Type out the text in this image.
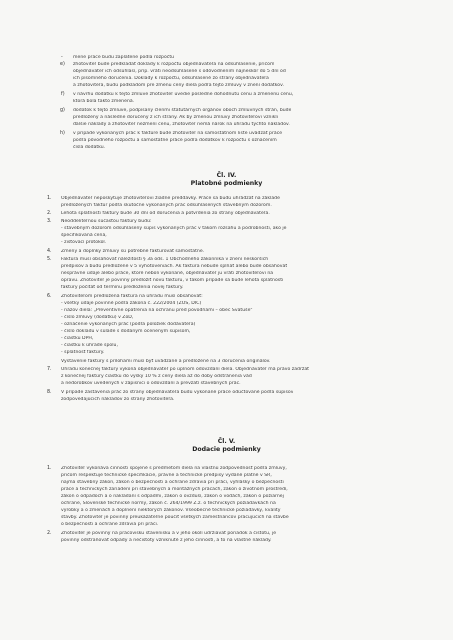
- mene prace budu zaplatene podla rozpočtu
e) zhotoviteľ bude predkladať doklady k rozpočtu objednávateľa na odsúhlasenie, pričom
objednávateľ ich odsúhlasí, príp. vráti neodsúhlasené s odôvodnením najneskôr do 5 dní od
ich písomného doručenia. Doklady k rozpočtu, odsúhlasené zo strany objednávateľa
a zhotoviteľa, budú podkladom pre zmenu ceny diela podľa tejto zmluvy v znení dodatkov.
f) v návrhu dodatku k tejto zmluve zhotoviteľ uvedie posledne dohodnutú cenu a zmenenú cenu,
ktorá bola takto zmenená.
g) dodatok k tejto zmluve, podpísaný členmi štatutárnych orgánov oboch zmluvných strán, bude
predložený a následne doručený z ich strany. Ak by zmenou zmluvy zhotoviteľovi vznikli
ďalšie náklady a zhotoviteľ nezmení cenu, zhotoviteľ nemá nárok na úhradu týchto nákladov.
h) v prípade vykonaných prác k faktúre bude zhotoviteľ na samostatnom liste uvádzať práce
podľa pôvodného rozpočtu a samostatne práce podľa dodatkov k rozpočtu s označením
čísla dodatku.
Čl. IV.
Platobné podmienky
1. Objednávateľ neposkytuje zhotoviteľovi žiadne preddavky. Práce sa budú uhrádzať na základe
predložených faktúr podľa skutočne vykonaných prác odsúhlasených stavebným dozorom.
2. Lehota splatnosti faktúry bude 30 dní od doručenia a potvrdenia zo strany objednávateľa.
3. Neoddeliteľnou súčasťou faktúry budú:
- stavebným dozorom odsúhlasený súpis vykonaných prác v takom rozsahu a podrobnosti, ako je
špecifikovaná cena,
- zisťovací protokol.
4. Zmeny a doplnky zmluvy sú potrebné fakturovať samostatne.
5. Faktúra musí obsahovať náležitosti § 3a ods. 1 Obchodného zákonníka v znení neskorších
predpisov a budú predložené v 5 vyhotoveniach. Ak faktúra nebude spĺňať alebo bude obsahovať
nesprávne údaje alebo práce, ktoré neboli vykonané, objednávateľ ju vráti zhotoviteľovi na
opravu. Zhotoviteľ je povinný predložiť novú faktúru, v takom prípade sa bude lehota splatnosti
faktúry počítať od termínu predloženia novej faktúry.
6. Zhotoviteľom predložená faktúra na úhradu musí obsahovať:
- všetky údaje povinné podľa zákona č. 222/2004 (ZOŠ, DIČ)
- názov diela: „Preventívne opatrenia na ochranu pred povodňami – obec Svätuše"
- číslo zmluvy (dodatku) v ZoD,
- označenie vykonaných prác (podľa položiek dodávateľa)
- číslo dokladu v súlade s dodaným oceneným súpisom,
- čiastku DPH,
- čiastku k úhrade spolu,
- splatnosť faktúry.
Vystavenie faktúry s prílohami musí byť uvádzané a predložené na 3 doručenia originálov.
7. Úhradu konečnej faktúry vykoná objednávateľ po úplnom odovzdaní diela. Objednávateľ má právo zadržať
z konečnej faktúry čiastku do výšky 10 % z ceny diela až do doby odstránenia vád
a nedorobkov uvedených v zápisnici o odovzdaní a prevzatí stavebných prác.
8. V prípade zastavenia prác zo strany objednávateľa budú vykonané práce odúčtované podľa súpisov
zodpovedajúcich nákladov zo strany zhotoviteľa.
Čl. V.
Dodacie podmienky
1. Zhotoviteľ vykonáva činnosti spojené s predmetom diela na vlastnú zodpovednosť podľa zmluvy,
pričom rešpektuje technické špecifikácie, právne a technické predpisy vydané platné v SR,
najmä stavebný zákon, zákon o bezpečnosti a ochrane zdravia pri práci, vyhlášky o bezpečnosti
práce a technických zariadení pri stavebných a montážnych prácach, zákon o životnom prostredí,
zákon o odpadoch a o nakladaní s odpadmi, zákon o ovzduší, zákon o vodách, zákon o požiarnej
ochrane, Slovenské technické normy, zákon č. 264/1999 Z.z. o technických požiadavkách na
výrobky a o zmenách a doplnení niektorých zákonov. Všeobecné technické požiadavky, kvality
stavby. Zhotoviteľ je povinný preukázateľne poučiť všetkých zamestnancov pracujúcich na stavbe
o bezpečnosti a ochrane zdravia pri práci.
2. Zhotoviteľ je povinný na pracovisku stavenisku a v jeho okolí udržiavať poriadok a čistotu, je
povinný odstraňovať odpady a nečistoty vzniknuté z jeho činností, a to na vlastné náklady.
